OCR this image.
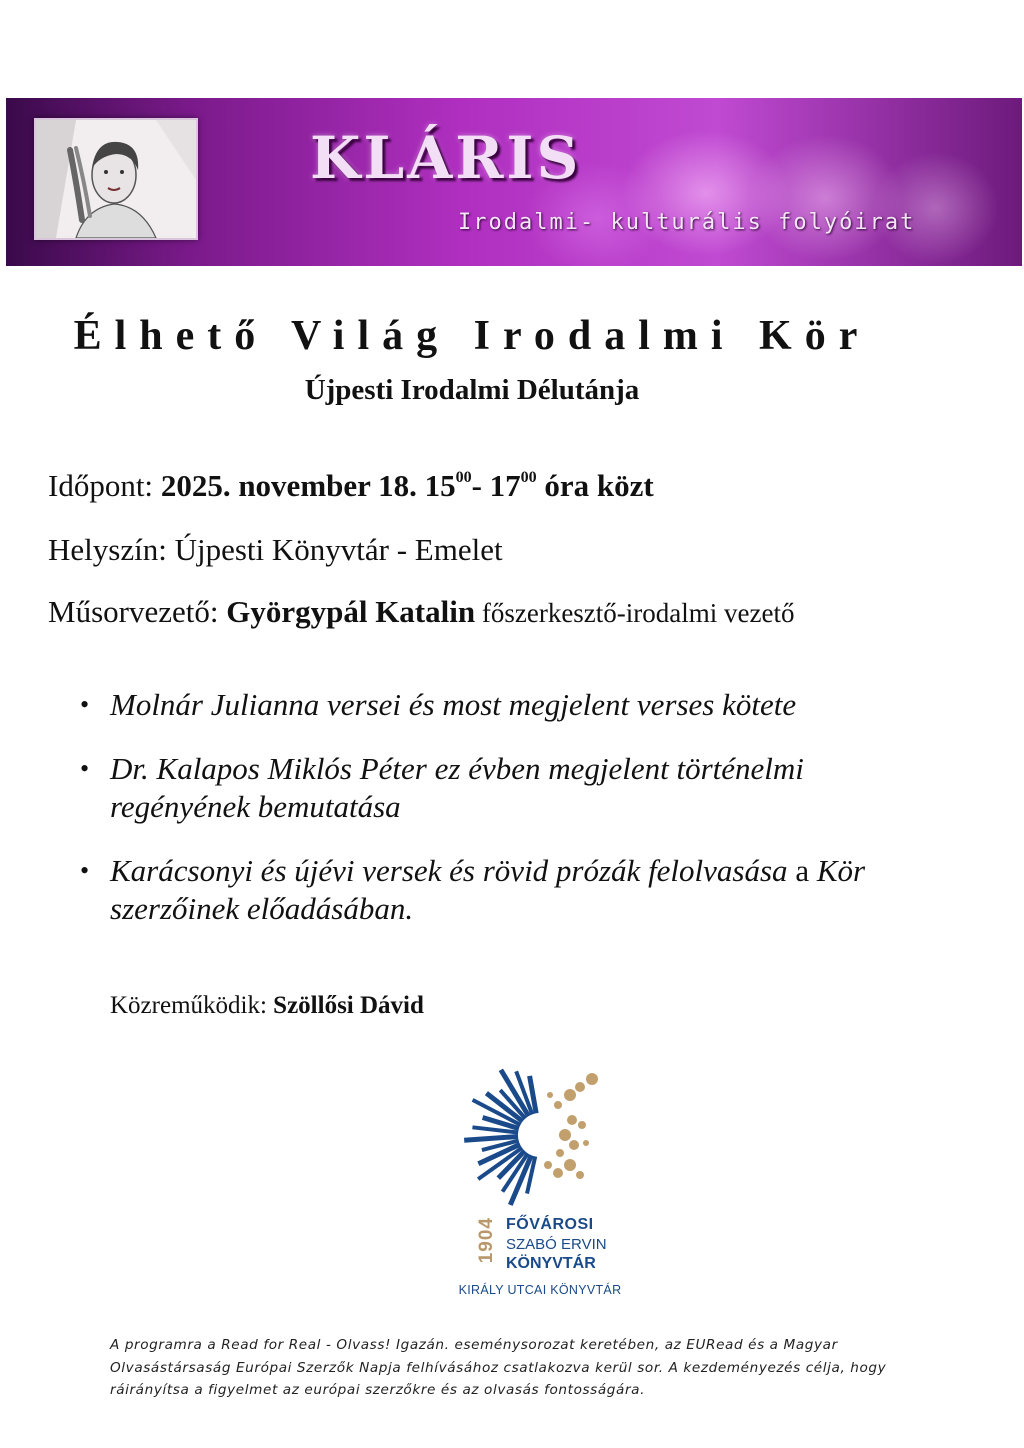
KLÁRIS
Irodalmi- kulturális folyóirat
Élhető Világ Irodalmi Kör
Újpesti Irodalmi Délutánja

Időpont: 2025. november 18. $15^{00}-$ $17^{00}$ óra közt

Helyszín: Újpesti Könyvtár - Emelet

Műsorvezető: Györgypál Katalin főszerkesztő-irodalmi vezető

• Molnár Julianna versei és most megjelent verses kötete
• Dr. Kalapos Miklós Péter ez évben megjelent történelmi regényének bemutatása
• Karácsonyi és újévi versek és rövid prózák felolvasása a Kör szerzőinek előadásában.

Közreműködik: Szöllősi Dávid

1904 FŐVÁROSI
SZABÓ ERVIN
KÖNYVTÁR
KIRÁLY UTCAI KÖNYVTÁR

A programra a Read for Real - Olvass! Igazán. eseménysorozat keretében, az EURead és a Magyar Olvasástársaság Európai Szerzők Napja felhívásához csatlakozva kerül sor. A kezdeményezés célja, hogy ráirányítsa a figyelmet az európai szerzőkre és az olvasás fontosságára.
